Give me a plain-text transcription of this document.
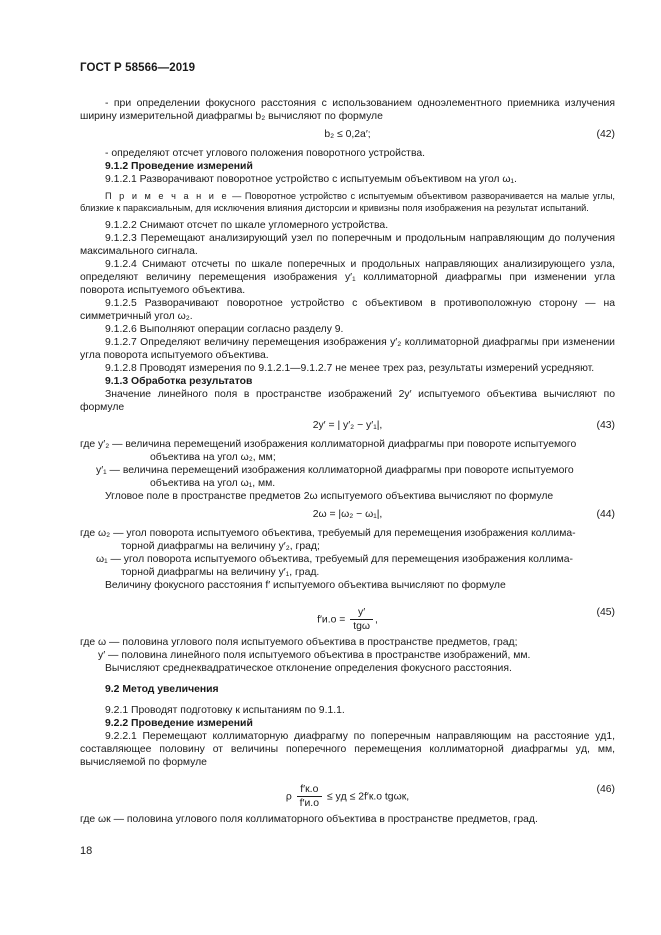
ГОСТ Р 58566—2019

- при определении фокусного расстояния с использованием одноэлементного приемника излучения ширину измерительной диафрагмы b₂ вычисляют по формуле

b₂ ≤ 0,2a′;	(42)

- определяют отсчет углового положения поворотного устройства.

9.1.2 Проведение измерений

9.1.2.1 Разворачивают поворотное устройство с испытуемым объективом на угол ω₁.

П р и м е ч а н и е — Поворотное устройство с испытуемым объективом разворачивается на малые углы, близкие к параксиальным, для исключения влияния дисторсии и кривизны поля изображения на результат испытаний.

9.1.2.2 Снимают отсчет по шкале угломерного устройства.

9.1.2.3 Перемещают анализирующий узел по поперечным и продольным направляющим до получения максимального сигнала.

9.1.2.4 Снимают отсчеты по шкале поперечных и продольных направляющих анализирующего узла, определяют величину перемещения изображения y′₁ коллиматорной диафрагмы при изменении угла поворота испытуемого объектива.

9.1.2.5 Разворачивают поворотное устройство с объективом в противоположную сторону — на симметричный угол ω₂.

9.1.2.6 Выполняют операции согласно разделу 9.

9.1.2.7 Определяют величину перемещения изображения y′₂ коллиматорной диафрагмы при изменении угла поворота испытуемого объектива.

9.1.2.8 Проводят измерения по 9.1.2.1—9.1.2.7 не менее трех раз, результаты измерений усредняют.

9.1.3 Обработка результатов

Значение линейного поля в пространстве изображений 2y′ испытуемого объектива вычисляют по формуле

2y′ = | y′₂ − y′₁|,	(43)

где y′₂ — величина перемещений изображения коллиматорной диафрагмы при повороте испытуемого

объектива на угол ω₂, мм;

y′₁ — величина перемещений изображения коллиматорной диафрагмы при повороте испытуемого

объектива на угол ω₁, мм.

Угловое поле в пространстве предметов 2ω испытуемого объектива вычисляют по формуле

2ω = |ω₂ − ω₁|,	(44)

где ω₂ — угол поворота испытуемого объектива, требуемый для перемещения изображения коллима-

торной диафрагмы на величину y′₂, град;

ω₁ — угол поворота испытуемого объектива, требуемый для перемещения изображения коллима-

торной диафрагмы на величину y′₁, град.

Величину фокусного расстояния f′ испытуемого объектива вычисляют по формуле

f′и.о =
y′
tgω
,
(45)

где ω — половина углового поля испытуемого объектива в пространстве предметов, град;

y′ — половина линейного поля испытуемого объектива в пространстве изображений, мм.

Вычисляют среднеквадратическое отклонение определения фокусного расстояния.

9.2 Метод увеличения

9.2.1 Проводят подготовку к испытаниям по 9.1.1.

9.2.2 Проведение измерений

9.2.2.1 Перемещают коллиматорную диафрагму по поперечным направляющим на расстояние yд1, составляющее половину от величины поперечного перемещения коллиматорной диафрагмы yд, мм, вычисляемой по формуле

ρ
f′к.о
f′и.о
≤ yд ≤ 2f′к.о tgωк,
(46)

где ωк — половина углового поля коллиматорного объектива в пространстве предметов, град.

18
